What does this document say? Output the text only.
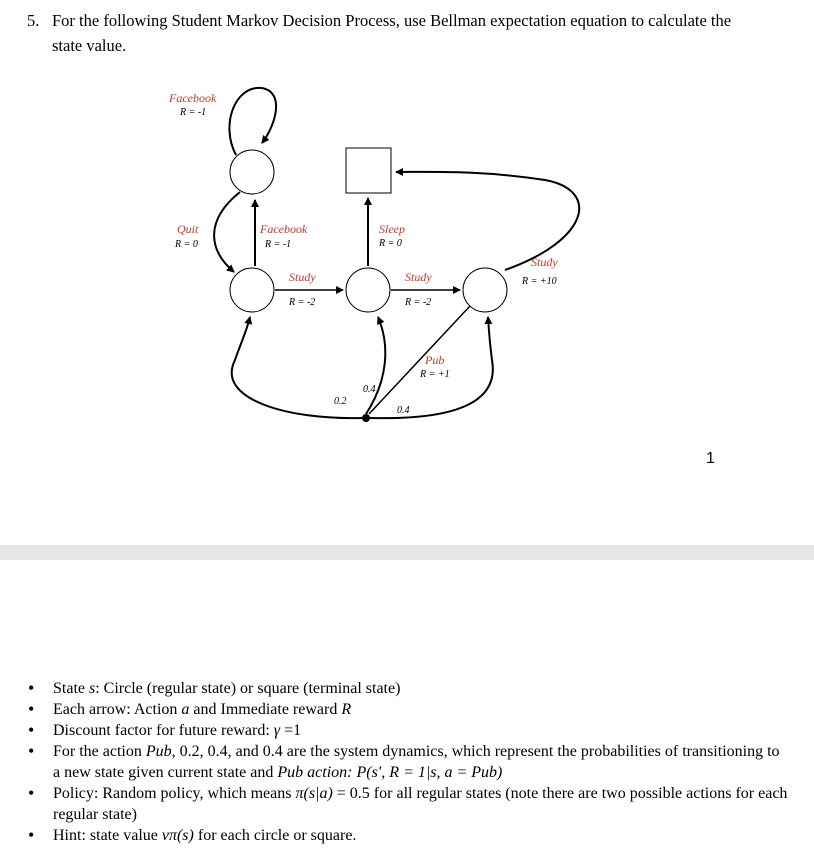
5. For the following Student Markov Decision Process, use Bellman expectation equation to calculate the state value.
Facebook
R = -1
Quit
R = 0
Facebook
R = -1
Sleep
R = 0
Study
R = -2
Study
R = -2
Study
R = +10
Pub
R = +1
0.2
0.4
0.4
1
• State s: Circle (regular state) or square (terminal state)
• Each arrow: Action a and Immediate reward R
• Discount factor for future reward: γ =1
• For the action Pub, 0.2, 0.4, and 0.4 are the system dynamics, which represent the probabilities of transitioning to a new state given current state and Pub action: P(s′, R = 1|s, a = Pub)
• Policy: Random policy, which means π(s|a) = 0.5 for all regular states (note there are two possible actions for each regular state)
• Hint: state value vπ(s) for each circle or square.
